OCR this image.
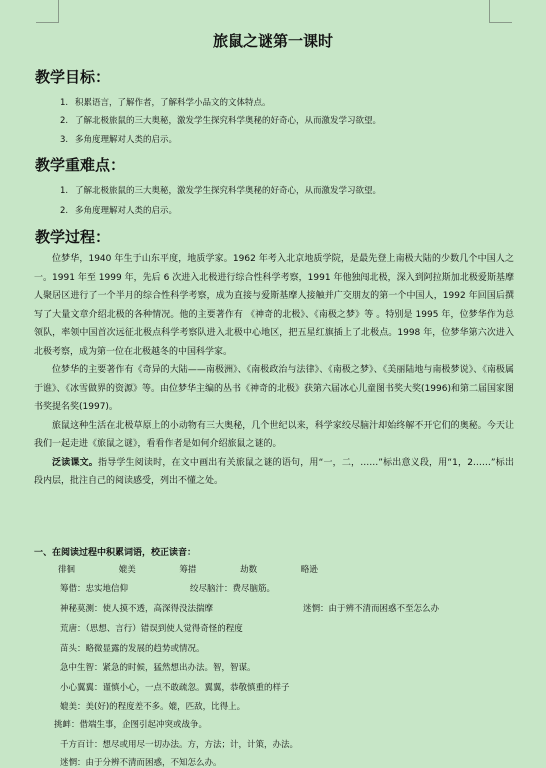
旅鼠之谜第一课时
教学目标：
1. 积累语言，了解作者，了解科学小品文的文体特点。
2. 了解北极旅鼠的三大奥秘，激发学生探究科学奥秘的好奇心，从而激发学习欲望。
3. 多角度理解对人类的启示。
教学重难点：
1. 了解北极旅鼠的三大奥秘，激发学生探究科学奥秘的好奇心，从而激发学习欲望。
2. 多角度理解对人类的启示。
教学过程：

位梦华，1940 年生于山东平度，地质学家。1962 年考入北京地质学院，是最先登上南极大陆的少数几个中国人之一。1991 年至 1999 年，先后 6 次进入北极进行综合性科学考察，1991 年他独闯北极，深入到阿拉斯加北极爱斯基摩人聚居区进行了一个半月的综合性科学考察，成为直接与爱斯基摩人接触并广交朋友的第一个中国人，1992 年回国后撰写了大量文章介绍北极的各种情况。他的主要著作有 《神奇的北极》、《南极之梦》等 。特别是 1995 年，位梦华作为总领队，率领中国首次远征北极点科学考察队进入北极中心地区，把五星红旗插上了北极点。1998 年，位梦华第六次进入北极考察，成为第一位在北极越冬的中国科学家。

位梦华的主要著作有《奇异的大陆——南极洲》、《南极政治与法律》、《南极之梦》、《美丽陆地与南极梦说》、《南极属于谁》、《冰雪做界的资源》等。由位梦华主编的丛书《神奇的北极》获第六届冰心儿童图书奖大奖(1996)和第二届国家图书奖提名奖(1997)。

旅鼠这种生活在北极草原上的小动物有三大奥秘，几个世纪以来，科学家绞尽脑汁却始终解不开它们的奥秘。今天让我们一起走进《旅鼠之谜》，看看作者是如何介绍旅鼠之谜的。

泛读课文。指导学生阅读时，在文中画出有关旅鼠之谜的语句，用“一，二，……”标出意义段，用“1，2……”标出段内层，批注自己的阅读感受，列出不懂之处。

一、在阅读过程中积累词语，校正读音：
徘徊	媲美	筹措	劫数	略逊
筹借：忠实地信仰	绞尽脑汁：费尽脑筋。
神秘莫测：使人摸不透，高深得没法揣摩	迷惘：由于辨不清而困惑不至怎么办
荒唐：（思想、言行）错误到使人觉得奇怪的程度
苗头：略微显露的发展的趋势或情况。
急中生智：紧急的时候，猛然想出办法。智，智谋。
小心翼翼：谨慎小心，一点不敢疏忽。翼翼，恭敬慎重的样子
媲美：美(好)的程度差不多。媲，匹敌，比得上。
挑衅：借端生事，企图引起冲突或战争。
千方百计：想尽或用尽一切办法。方，方法；计，计策，办法。
迷惘：由于分辨不清而困惑，不知怎么办。
